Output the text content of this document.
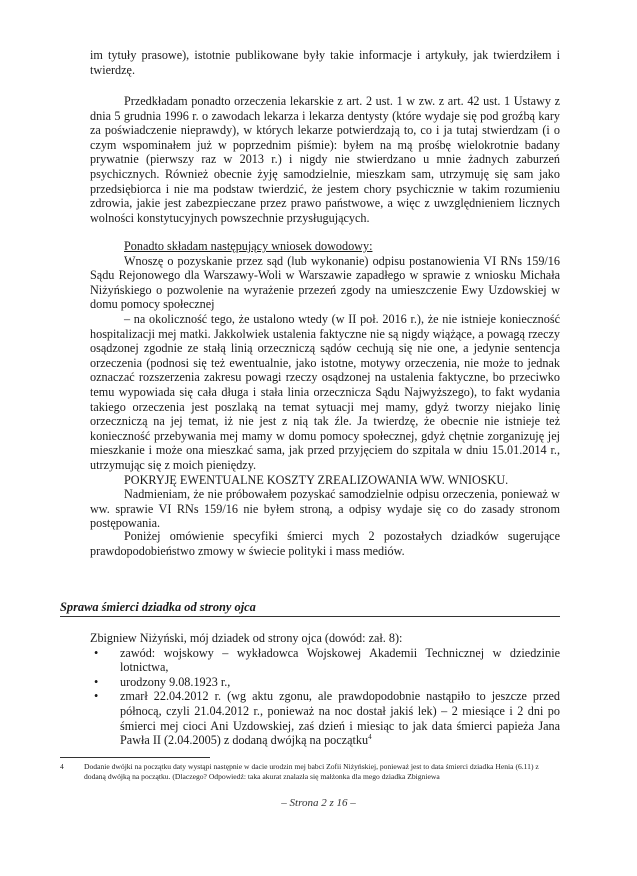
im tytuły prasowe), istotnie publikowane były takie informacje i artykuły, jak twierdziłem i twierdzę.

Przedkładam ponadto orzeczenia lekarskie z art. 2 ust. 1 w zw. z art. 42 ust. 1 Ustawy z dnia 5 grudnia 1996 r. o zawodach lekarza i lekarza dentysty (które wydaje się pod groźbą kary za poświadczenie nieprawdy), w których lekarze potwierdzają to, co i ja tutaj stwierdzam (i o czym wspominałem już w poprzednim piśmie): byłem na mą prośbę wielokrotnie badany prywatnie (pierwszy raz w 2013 r.) i nigdy nie stwierdzano u mnie żadnych zaburzeń psychicznych. Również obecnie żyję samodzielnie, mieszkam sam, utrzymuję się sam jako przedsiębiorca i nie ma podstaw twierdzić, że jestem chory psychicznie w takim rozumieniu zdrowia, jakie jest zabezpieczane przez prawo państwowe, a więc z uwzględnieniem licznych wolności konstytucyjnych powszechnie przysługujących.

Ponadto składam następujący wniosek dowodowy:

Wnoszę o pozyskanie przez sąd (lub wykonanie) odpisu postanowienia VI RNs 159/16 Sądu Rejonowego dla Warszawy-Woli w Warszawie zapadłego w sprawie z wniosku Michała Niżyńskiego o pozwolenie na wyrażenie przezeń zgody na umieszczenie Ewy Uzdowskiej w domu pomocy społecznej

– na okoliczność tego, że ustalono wtedy (w II poł. 2016 r.), że nie istnieje konieczność hospitalizacji mej matki. Jakkolwiek ustalenia faktyczne nie są nigdy wiążące, a powagą rzeczy osądzonej zgodnie ze stałą linią orzeczniczą sądów cechują się nie one, a jedynie sentencja orzeczenia (podnosi się też ewentualnie, jako istotne, motywy orzeczenia, nie może to jednak oznaczać rozszerzenia zakresu powagi rzeczy osądzonej na ustalenia faktyczne, bo przeciwko temu wypowiada się cała długa i stała linia orzecznicza Sądu Najwyższego), to fakt wydania takiego orzeczenia jest poszlaką na temat sytuacji mej mamy, gdyż tworzy niejako linię orzeczniczą na jej temat, iż nie jest z nią tak źle. Ja twierdzę, że obecnie nie istnieje też konieczność przebywania mej mamy w domu pomocy społecznej, gdyż chętnie zorganizuję jej mieszkanie i może ona mieszkać sama, jak przed przyjęciem do szpitala w dniu 15.01.2014 r., utrzymując się z moich pieniędzy.

POKRYJĘ EWENTUALNE KOSZTY ZREALIZOWANIA WW. WNIOSKU.

Nadmieniam, że nie próbowałem pozyskać samodzielnie odpisu orzeczenia, ponieważ w ww. sprawie VI RNs 159/16 nie byłem stroną, a odpisy wydaje się co do zasady stronom postępowania.

Poniżej omówienie specyfiki śmierci mych 2 pozostałych dziadków sugerujące prawdopodobieństwo zmowy w świecie polityki i mass mediów.

Sprawa śmierci dziadka od strony ojca

Zbigniew Niżyński, mój dziadek od strony ojca (dowód: zał. 8):

• zawód: wojskowy – wykładowca Wojskowej Akademii Technicznej w dziedzinie lotnictwa,
• urodzony 9.08.1923 r.,
• zmarł 22.04.2012 r. (wg aktu zgonu, ale prawdopodobnie nastąpiło to jeszcze przed północą, czyli 21.04.2012 r., ponieważ na noc dostał jakiś lek) – 2 miesiące i 2 dni po śmierci mej cioci Ani Uzdowskiej, zaś dzień i miesiąc to jak data śmierci papieża Jana Pawła II (2.04.2005) z dodaną dwójką na początku$^4$
4	Dodanie dwójki na początku daty wystąpi następnie w dacie urodzin mej babci Zofii Niżyńskiej, ponieważ jest to data śmierci dziadka Henia (6.11) z dodaną dwójką na początku. (Dlaczego? Odpowiedź: taka akurat znalazła się małżonka dla mego dziadka Zbigniewa
– Strona 2 z 16 –
